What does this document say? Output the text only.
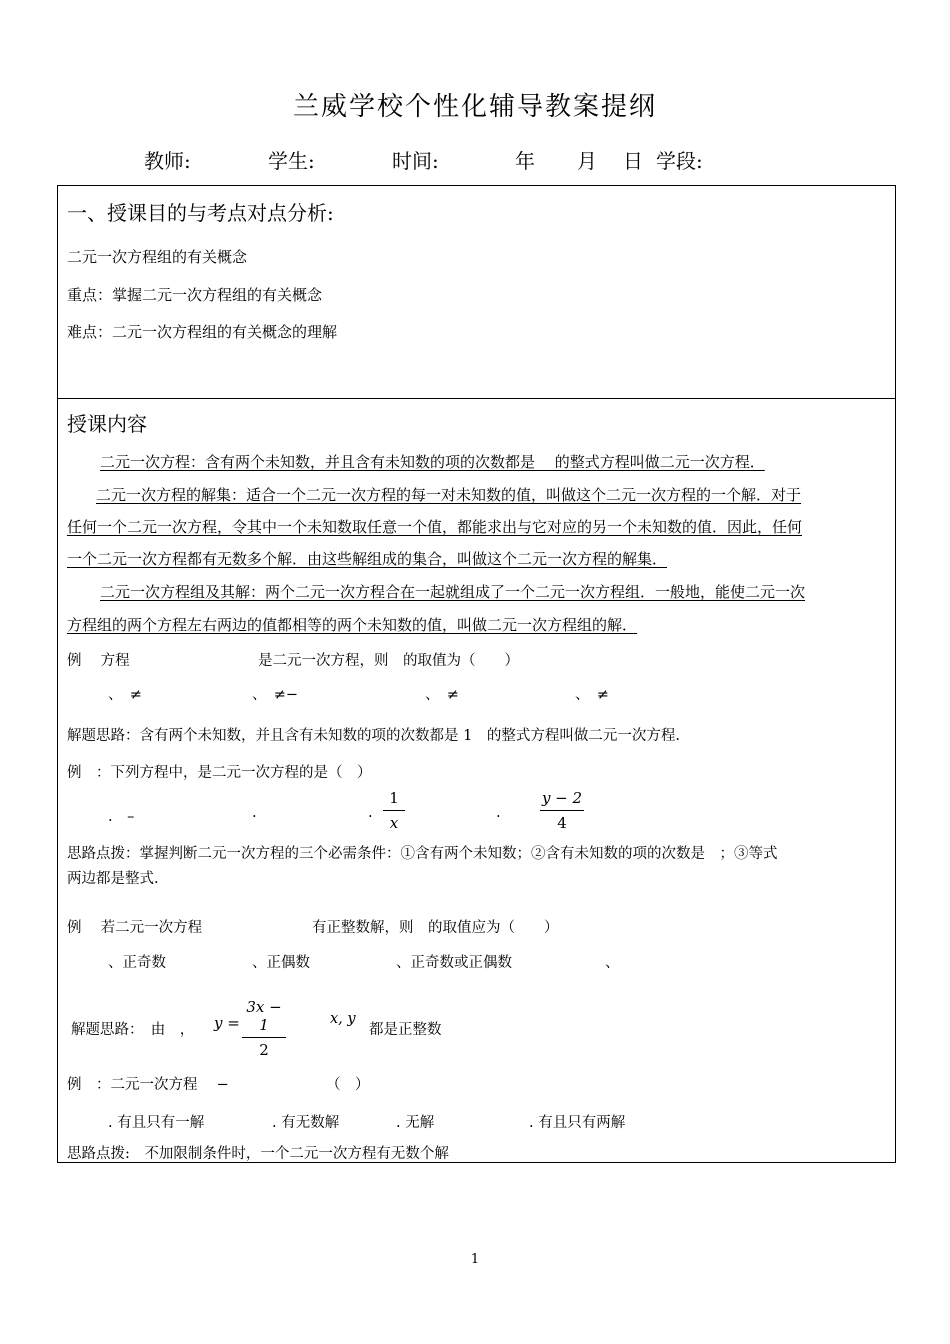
兰威学校个性化辅导教案提纲
教师:	学生:	时间:	年 月 日 学段:
一、授课目的与考点对点分析:
二元一次方程组的有关概念
重点：掌握二元一次方程组的有关概念
难点：二元一次方程组的有关概念的理解
授课内容
二元一次方程：含有两个未知数，并且含有未知数的项的次数都是　 的整式方程叫做二元一次方程．
二元一次方程的解集：适合一个二元一次方程的每一对未知数的值，叫做这个二元一次方程的一个解．对于
任何一个二元一次方程，令其中一个未知数取任意一个值，都能求出与它对应的另一个未知数的值．因此，任何
一个二元一次方程都有无数多个解．由这些解组成的集合，叫做这个二元一次方程的解集．
二元一次方程组及其解：两个二元一次方程合在一起就组成了一个二元一次方程组．一般地，能使二元一次
方程组的两个方程左右两边的值都相等的两个未知数的值，叫做二元一次方程组的解．
例　 方程	是二元一次方程，则　的取值为（　　）
、　≠	、　≠−	、　≠	、　≠
解题思路：含有两个未知数，并且含有未知数的项的次数都是 1　的整式方程叫做二元一次方程.
例　：下列方程中，是二元一次方程的是（　）
.　–	.	.
1
x
.
y − 2
4
思路点拨：掌握判断二元一次方程的三个必需条件：①含有两个未知数；②含有未知数的项的次数是　；③等式
两边都是整式.
例　 若二元一次方程	有正整数解，则　的取值应为（　　）
、正奇数	、正偶数	、正奇数或正偶数	、
解题思路：　由　， y =
3x − 1
2
x, y
都是正整数
例　：二元一次方程　 −	（　）
. 有且只有一解	. 有无数解	. 无解	. 有且只有两解
思路点拨:　不加限制条件时，一个二元一次方程有无数个解
1
